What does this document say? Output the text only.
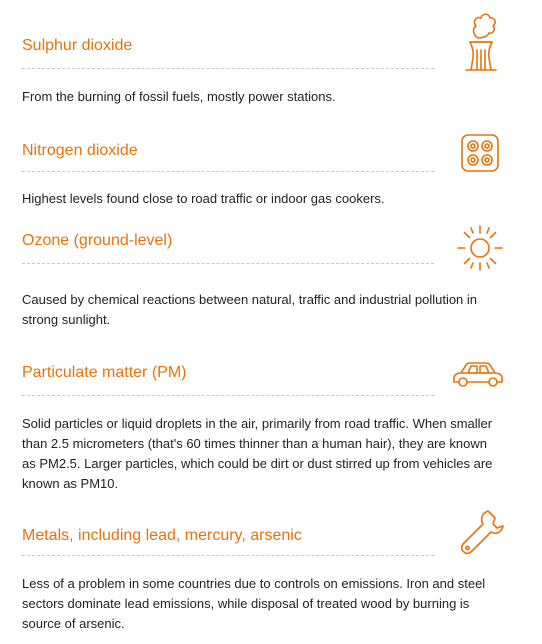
Sulphur dioxide

From the burning of fossil fuels, mostly power stations.

Nitrogen dioxide

Highest levels found close to road traffic or indoor gas cookers.

Ozone (ground-level)

Caused by chemical reactions between natural, traffic and industrial pollution in strong sunlight.

Particulate matter (PM)

Solid particles or liquid droplets in the air, primarily from road traffic. When smaller than 2.5 micrometers (that's 60 times thinner than a human hair), they are known as PM2.5. Larger particles, which could be dirt or dust stirred up from vehicles are known as PM10.

Metals, including lead, mercury, arsenic

Less of a problem in some countries due to controls on emissions. Iron and steel sectors dominate lead emissions, while disposal of treated wood by burning is source of arsenic.
